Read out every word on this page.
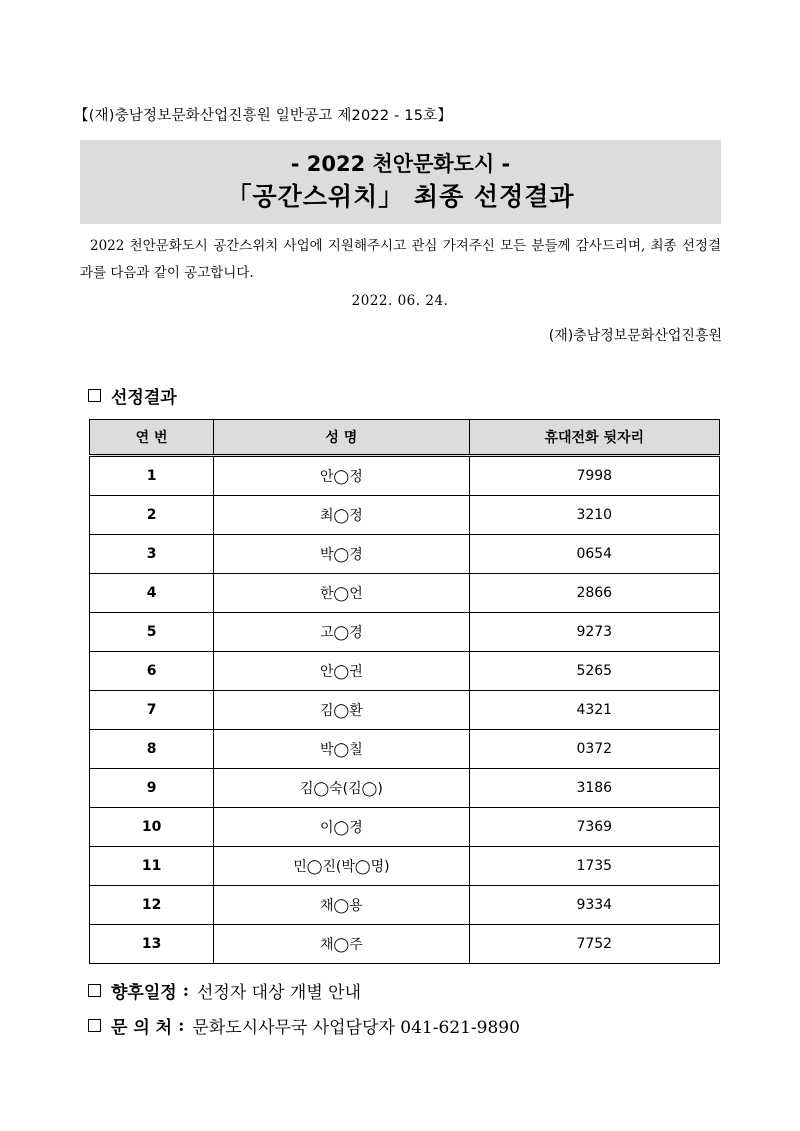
【(재)충남정보문화산업진흥원 일반공고 제2022 - 15호】
- 2022 천안문화도시 -
「공간스위치」 최종 선정결과

2022 천안문화도시 공간스위치 사업에 지원해주시고 관심 가져주신 모든 분들께 감사드리며, 최종 선정결과를 다음과 같이 공고합니다.

2022. 06. 24.
(재)충남정보문화산업진흥원
선정결과
연 번	성 명	휴대전화 뒷자리
1	안◯정	7998
2	최◯정	3210
3	박◯경	0654
4	한◯언	2866
5	고◯경	9273
6	안◯권	5265
7	김◯환	4321
8	박◯칠	0372
9	김◯숙(김◯)	3186
10	이◯경	7369
11	민◯진(박◯명)	1735
12	채◯용	9334
13	채◯주	7752
향후일정 : 선정자 대상 개별 안내
문 의 처 : 문화도시사무국 사업담당자 041-621-9890
